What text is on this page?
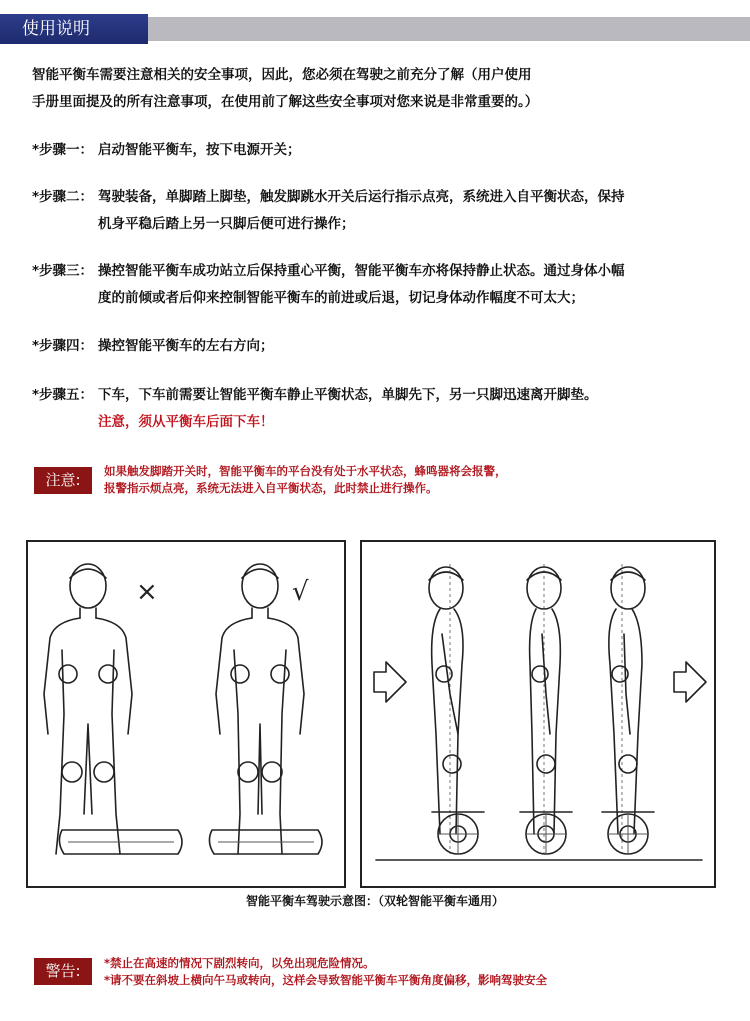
使用说明
智能平衡车需要注意相关的安全事项，因此，您必须在驾驶之前充分了解（用户使用
手册里面提及的所有注意事项，在使用前了解这些安全事项对您来说是非常重要的。）
*步骤一： 启动智能平衡车，按下电源开关；
*步骤二： 驾驶装备，单脚踏上脚垫，触发脚跳水开关后运行指示点亮，系统进入自平衡状态，保持
机身平稳后踏上另一只脚后便可进行操作；
*步骤三： 操控智能平衡车成功站立后保持重心平衡，智能平衡车亦将保持静止状态。通过身体小幅
度的前倾或者后仰来控制智能平衡车的前进或后退，切记身体动作幅度不可太大；
*步骤四： 操控智能平衡车的左右方向；
*步骤五： 下车，下车前需要让智能平衡车静止平衡状态，单脚先下，另一只脚迅速离开脚垫。
注意，须从平衡车后面下车！
注意:	如果触发脚踏开关时，智能平衡车的平台没有处于水平状态，蜂鸣器将会报警，
报警指示烦点亮，系统无法进入自平衡状态，此时禁止进行操作。
×	√
智能平衡车驾驶示意图：（双轮智能平衡车通用）
警告:	*禁止在高速的情况下剧烈转向，以免出现危险情况。
*请不要在斜坡上横向午马或转向，这样会导致智能平衡车平衡角度偏移，影响驾驶安全
